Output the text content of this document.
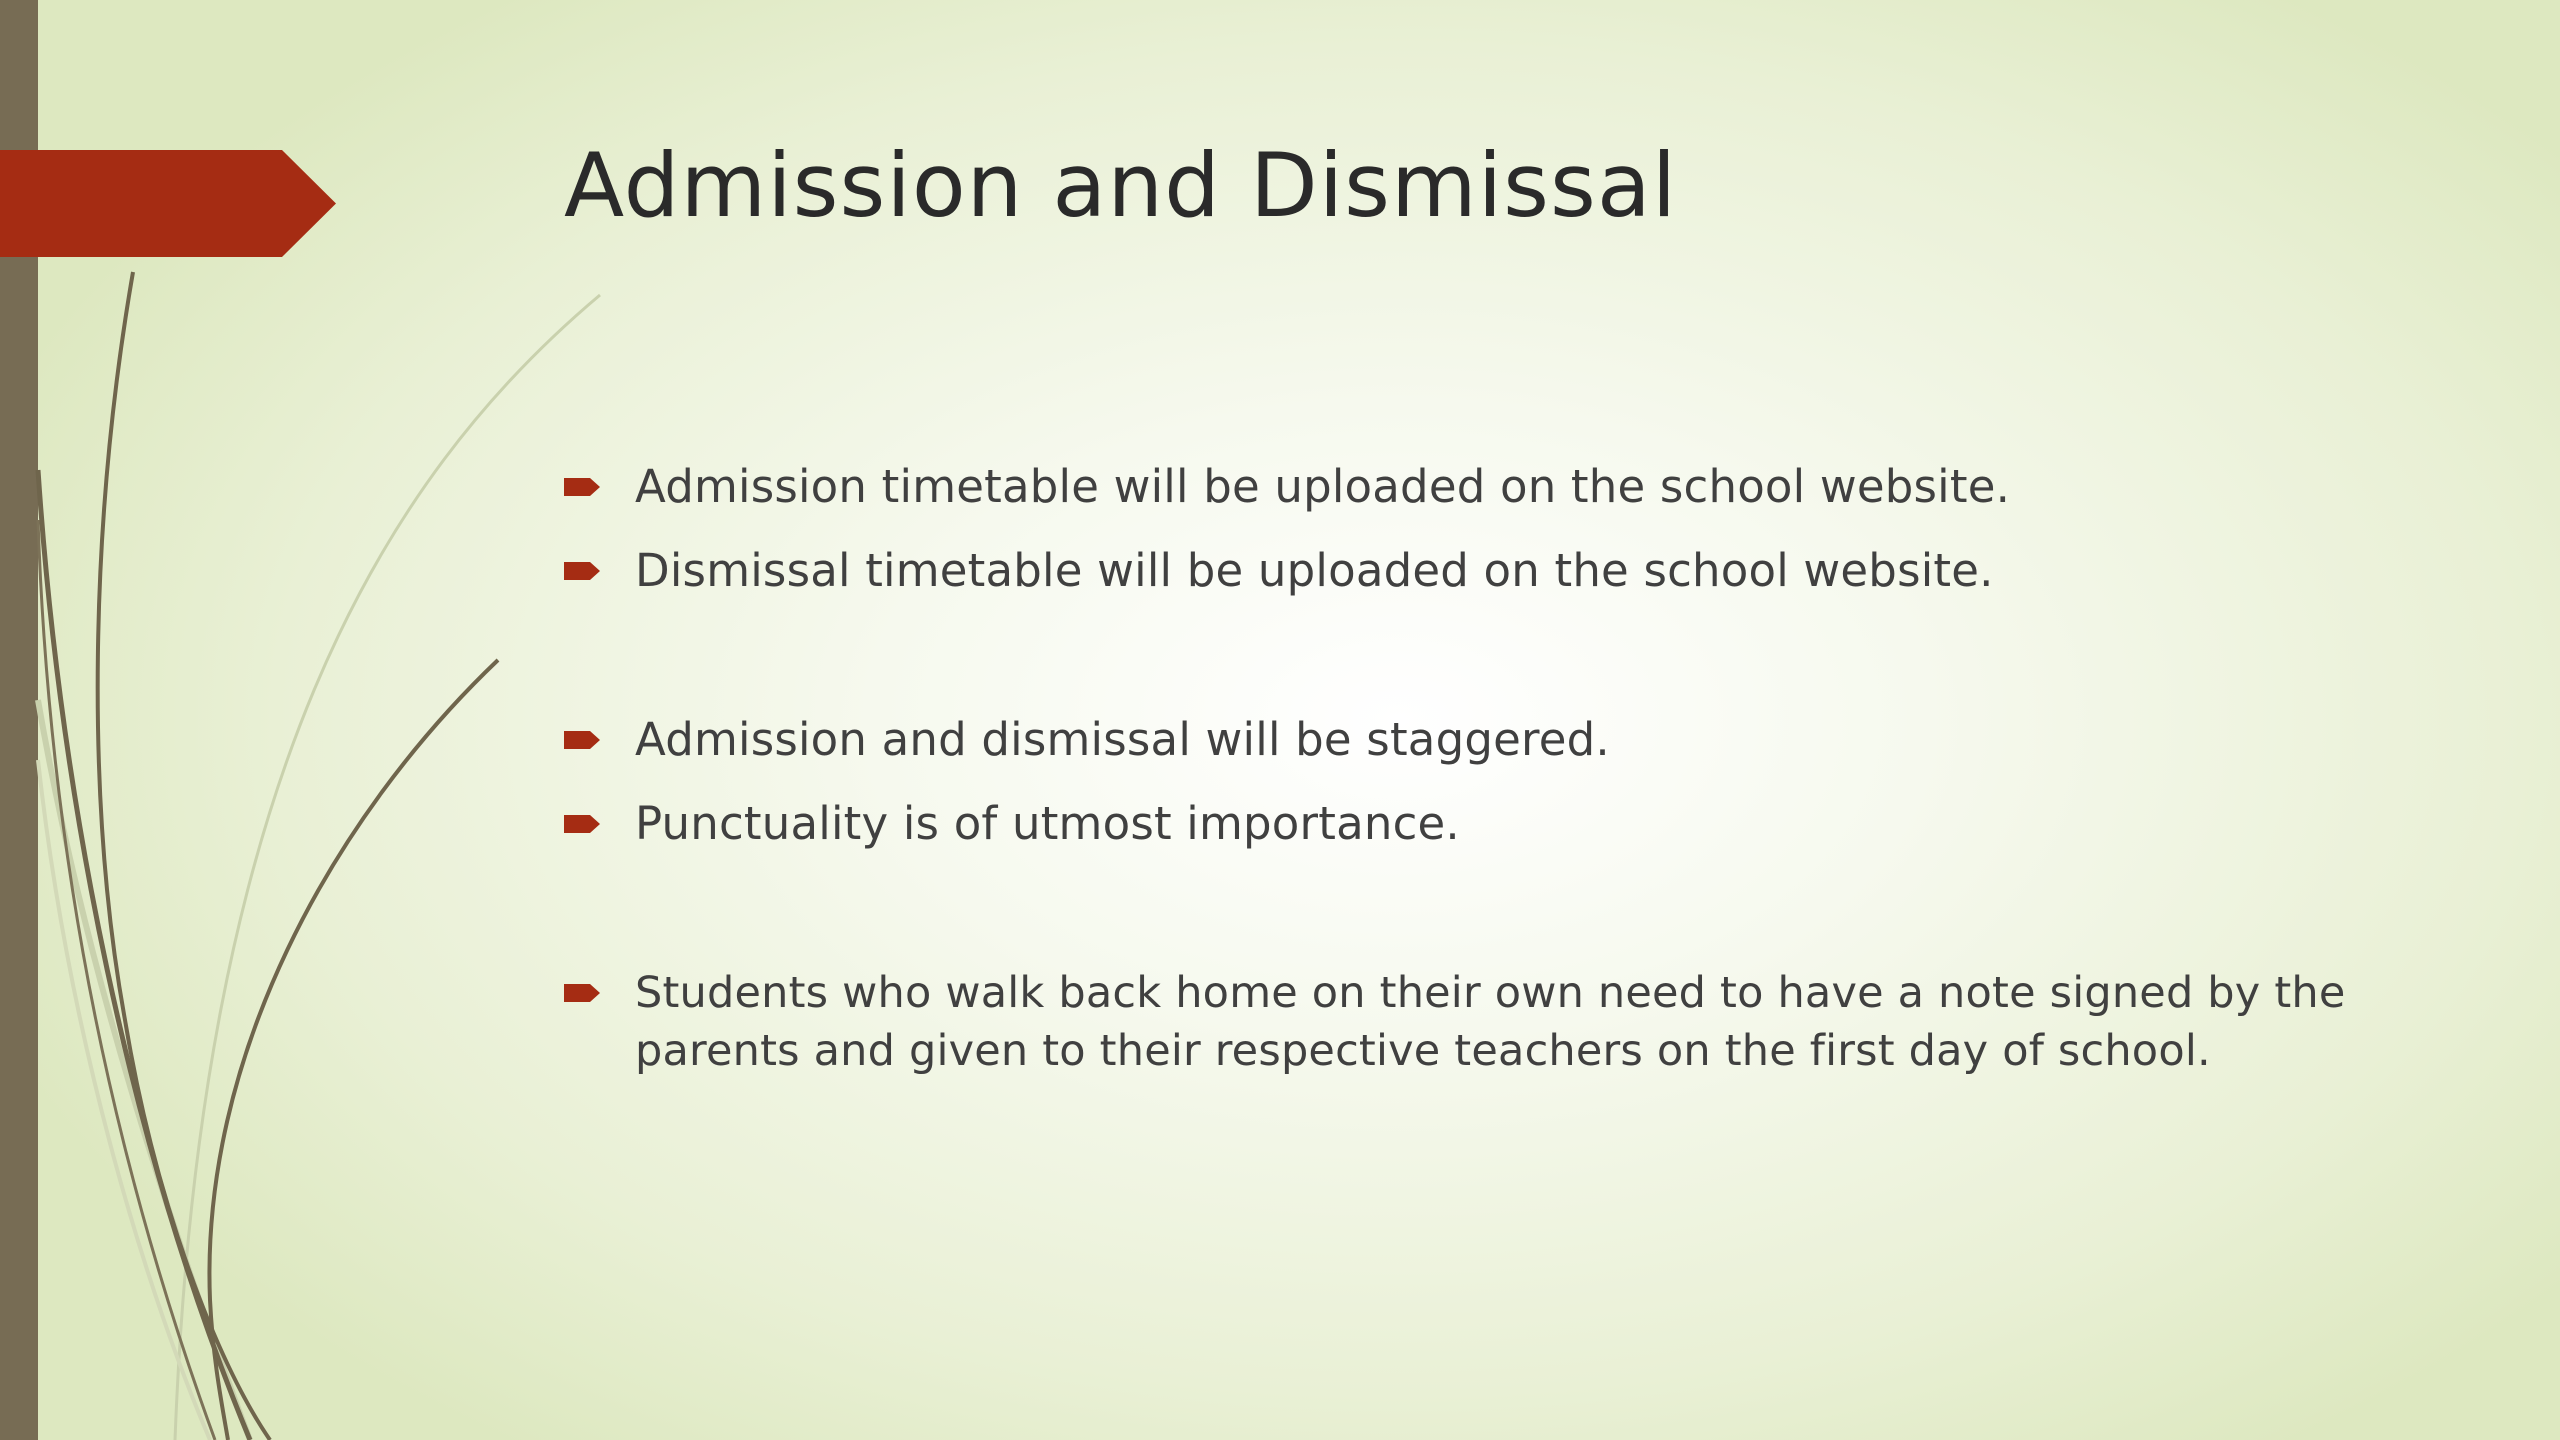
Admission and Dismissal
Admission timetable will be uploaded on the school website.
Dismissal timetable will be uploaded on the school website.
Admission and dismissal will be staggered.
Punctuality is of utmost importance.
Students who walk back home on their own need to have a note signed by the parents and given to their respective teachers on the first day of school.
